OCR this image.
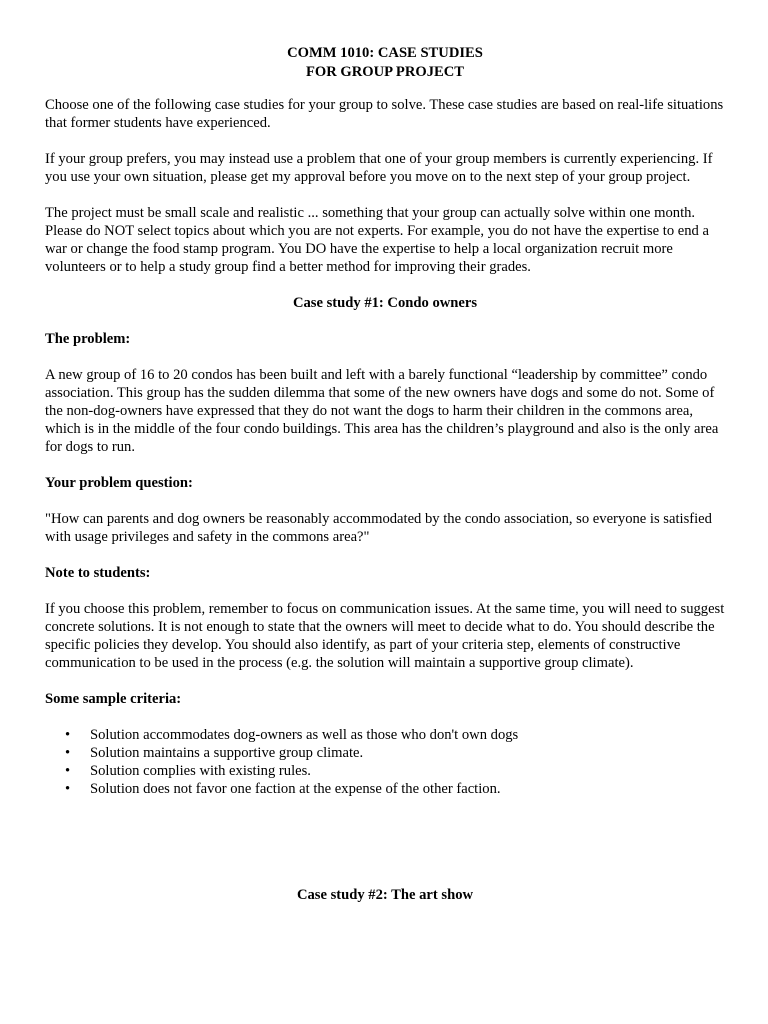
COMM 1010: CASE STUDIES
FOR GROUP PROJECT

Choose one of the following case studies for your group to solve. These case studies are based on real-life situations that former students have experienced.

If your group prefers, you may instead use a problem that one of your group members is currently experiencing. If you use your own situation, please get my approval before you move on to the next step of your group project.

The project must be small scale and realistic ... something that your group can actually solve within one month. Please do NOT select topics about which you are not experts. For example, you do not have the expertise to end a war or change the food stamp program. You DO have the expertise to help a local organization recruit more volunteers or to help a study group find a better method for improving their grades.

Case study #1: Condo owners
The problem:

A new group of 16 to 20 condos has been built and left with a barely functional “leadership by committee” condo association. This group has the sudden dilemma that some of the new owners have dogs and some do not. Some of the non-dog-owners have expressed that they do not want the dogs to harm their children in the commons area, which is in the middle of the four condo buildings. This area has the children’s playground and also is the only area for dogs to run.

Your problem question:

"How can parents and dog owners be reasonably accommodated by the condo association, so everyone is satisfied with usage privileges and safety in the commons area?"

Note to students:

If you choose this problem, remember to focus on communication issues. At the same time, you will need to suggest concrete solutions. It is not enough to state that the owners will meet to decide what to do. You should describe the specific policies they develop. You should also identify, as part of your criteria step, elements of constructive communication to be used in the process (e.g. the solution will maintain a supportive group climate).

Some sample criteria:
• Solution accommodates dog-owners as well as those who don't own dogs
• Solution maintains a supportive group climate.
• Solution complies with existing rules.
• Solution does not favor one faction at the expense of the other faction.
Case study #2: The art show
